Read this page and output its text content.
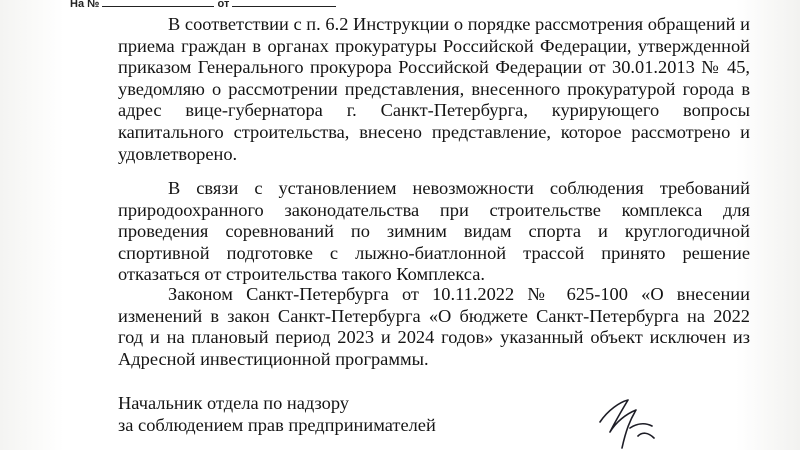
На №	от

В соответствии с п. 6.2 Инструкции о порядке рассмотрения обращений и приема граждан в органах прокуратуры Российской Федерации, утвержденной приказом Генерального прокурора Российской Федерации от 30.01.2013 № 45, уведомляю о рассмотрении представления, внесенного прокуратурой города в адрес вице-губернатора г. Санкт-Петербурга, курирующего вопросы капитального строительства, внесено представление, которое рассмотрено и удовлетворено.

В связи с установлением невозможности соблюдения требований природоохранного законодательства при строительстве комплекса для проведения соревнований по зимним видам спорта и круглогодичной спортивной подготовке с лыжно-биатлонной трассой принято решение отказаться от строительства такого Комплекса.

Законом Санкт-Петербурга от 10.11.2022 № 625-100 «О внесении изменений в закон Санкт-Петербурга «О бюджете Санкт-Петербурга на 2022 год и на плановый период 2023 и 2024 годов» указанный объект исключен из Адресной инвестиционной программы.

Начальник отдела по надзору
за соблюдением прав предпринимателей
